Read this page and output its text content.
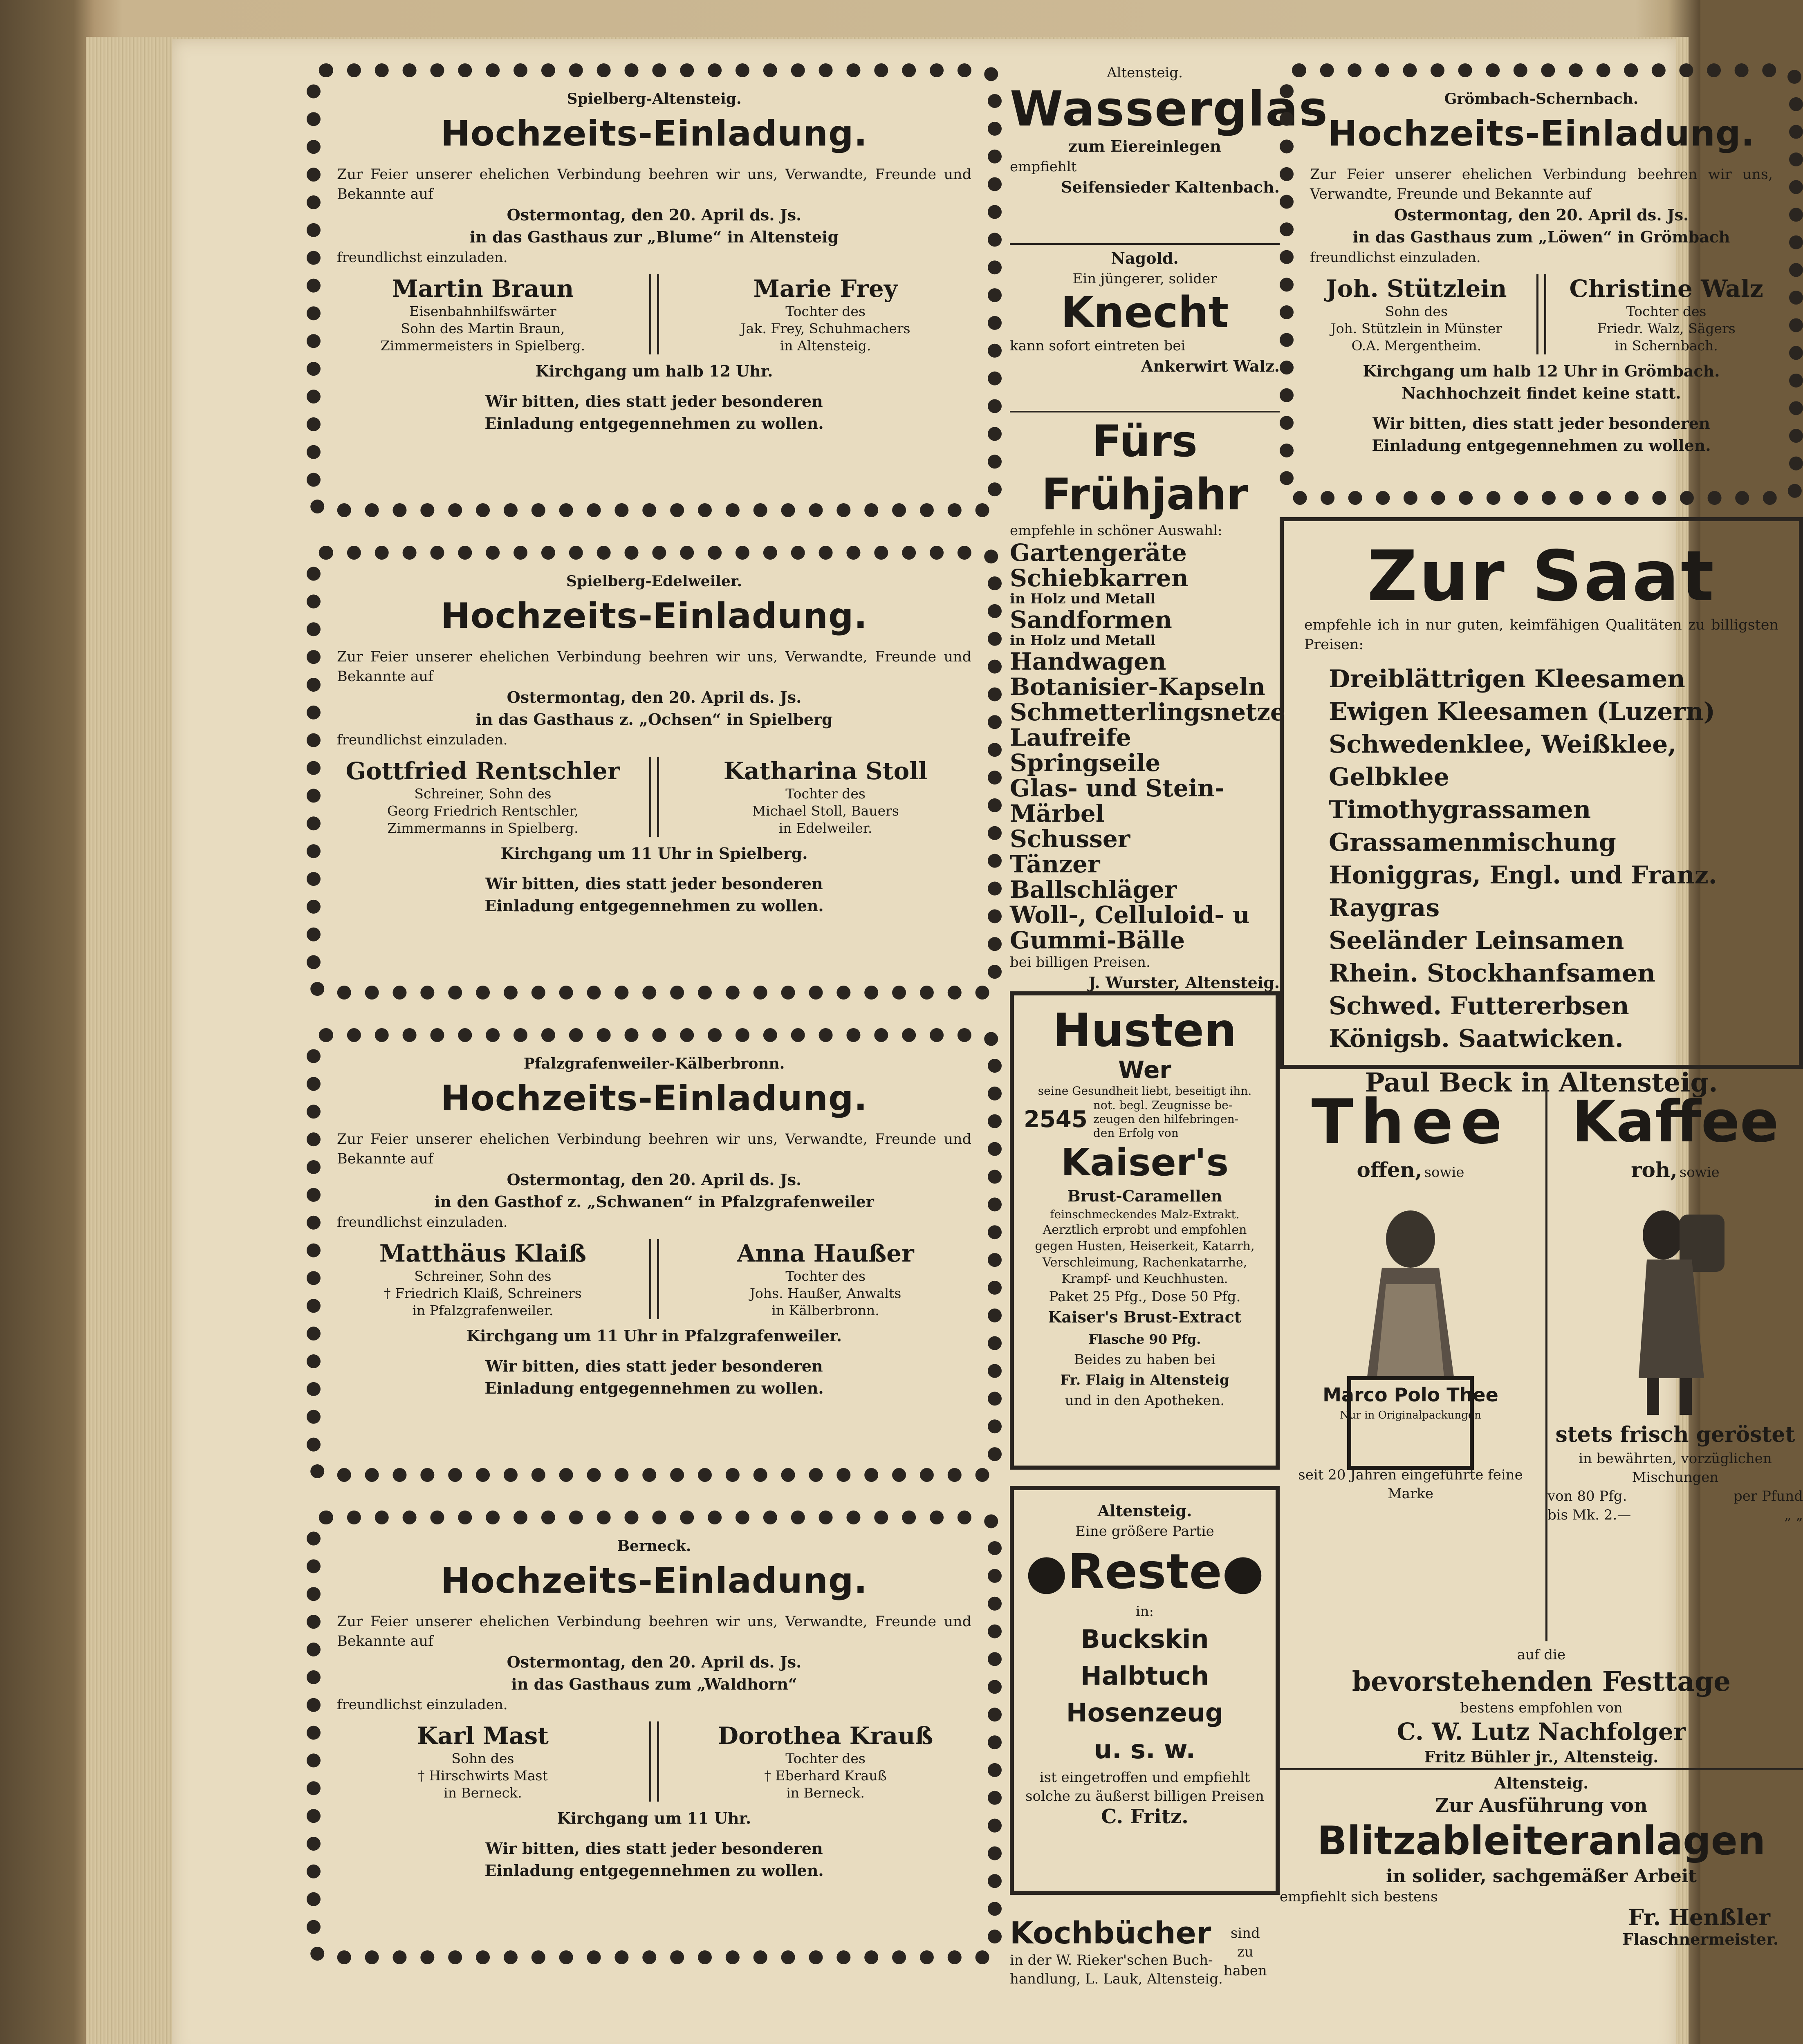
Spielberg-Altensteig.
Hochzeits-Einladung.
Zur Feier unserer ehelichen Verbindung beehren wir uns, Verwandte, Freunde und Bekannte auf
Ostermontag, den 20. April ds. Js.
in das Gasthaus zur „Blume“ in Altensteig
freundlichst einzuladen.
Martin Braun
Eisenbahnhilfswärter
Sohn des Martin Braun,
Zimmermeisters in Spielberg.
Marie Frey
Tochter des
Jak. Frey, Schuhmachers
in Altensteig.
Kirchgang um halb 12 Uhr.
Wir bitten, dies statt jeder besonderen
Einladung entgegennehmen zu wollen.
Spielberg-Edelweiler.
Hochzeits-Einladung.
Zur Feier unserer ehelichen Verbindung beehren wir uns, Verwandte, Freunde und Bekannte auf
Ostermontag, den 20. April ds. Js.
in das Gasthaus z. „Ochsen“ in Spielberg
freundlichst einzuladen.
Gottfried Rentschler
Schreiner, Sohn des
Georg Friedrich Rentschler,
Zimmermanns in Spielberg.
Katharina Stoll
Tochter des
Michael Stoll, Bauers
in Edelweiler.
Kirchgang um 11 Uhr in Spielberg.
Wir bitten, dies statt jeder besonderen
Einladung entgegennehmen zu wollen.
Pfalzgrafenweiler-Kälberbronn.
Hochzeits-Einladung.
Zur Feier unserer ehelichen Verbindung beehren wir uns, Verwandte, Freunde und Bekannte auf
Ostermontag, den 20. April ds. Js.
in den Gasthof z. „Schwanen“ in Pfalzgrafenweiler
freundlichst einzuladen.
Matthäus Klaiß
Schreiner, Sohn des
† Friedrich Klaiß, Schreiners
in Pfalzgrafenweiler.
Anna Haußer
Tochter des
Johs. Haußer, Anwalts
in Kälberbronn.
Kirchgang um 11 Uhr in Pfalzgrafenweiler.
Wir bitten, dies statt jeder besonderen
Einladung entgegennehmen zu wollen.
Berneck.
Hochzeits-Einladung.
Zur Feier unserer ehelichen Verbindung beehren wir uns, Verwandte, Freunde und Bekannte auf
Ostermontag, den 20. April ds. Js.
in das Gasthaus zum „Waldhorn“
freundlichst einzuladen.
Karl Mast
Sohn des
† Hirschwirts Mast
in Berneck.
Dorothea Krauß
Tochter des
† Eberhard Krauß
in Berneck.
Kirchgang um 11 Uhr.
Wir bitten, dies statt jeder besonderen
Einladung entgegennehmen zu wollen.
Altensteig.
Wasserglas
zum Eiereinlegen
empfiehlt
Seifensieder Kaltenbach.
Nagold.
Ein jüngerer, solider
Knecht
kann sofort eintreten bei
Ankerwirt Walz.
Fürs Frühjahr
empfehle in schöner Auswahl:
Gartengeräte
Schiebkarren
in Holz und Metall
Sandformen
in Holz und Metall
Handwagen
Botanisier-Kapseln
Schmetterlingsnetze
Laufreife
Springseile
Glas- und Stein-
Märbel
Schusser
Tänzer
Ballschläger
Woll-, Celluloid- u
Gummi-Bälle
bei billigen Preisen.
J. Wurster, Altensteig.
Husten
Wer
seine Gesundheit liebt, beseitigt ihn.
2545
not. begl. Zeugnisse be-
zeugen den hilfebringen-
den Erfolg von
Kaiser's
Brust-Caramellen
feinschmeckendes Malz-Extrakt.
Aerztlich erprobt und empfohlen gegen Husten, Heiserkeit, Katarrh, Verschleimung, Rachenkatarrhe, Krampf- und Keuchhusten.
Paket 25 Pfg., Dose 50 Pfg.
Kaiser's Brust-Extract
Flasche 90 Pfg.
Beides zu haben bei
Fr. Flaig in Altensteig
und in den Apotheken.
Altensteig.
Eine größere Partie
●Reste●
in:
Buckskin
Halbtuch
Hosenzeug
u. s. w.
ist eingetroffen und empfiehlt solche zu äußerst billigen Preisen
C. Fritz.
Kochbücher
in der W. Rieker'schen Buch-
handlung, L. Lauk, Altensteig.
sind zu haben
Grömbach-Schernbach.
Hochzeits-Einladung.
Zur Feier unserer ehelichen Verbindung beehren wir uns, Verwandte, Freunde und Bekannte auf
Ostermontag, den 20. April ds. Js.
in das Gasthaus zum „Löwen“ in Grömbach
freundlichst einzuladen.
Joh. Stützlein
Sohn des
Joh. Stützlein in Münster
O.A. Mergentheim.
Christine Walz
Tochter des
Friedr. Walz, Sägers
in Schernbach.
Kirchgang um halb 12 Uhr in Grömbach.
Nachhochzeit findet keine statt.
Wir bitten, dies statt jeder besonderen
Einladung entgegennehmen zu wollen.
Zur Saat
empfehle ich in nur guten, keimfähigen Qualitäten zu billigsten Preisen:
Dreiblättrigen Kleesamen
Ewigen Kleesamen (Luzern)
Schwedenklee, Weißklee, Gelbklee
Timothygrassamen
Grassamenmischung
Honiggras, Engl. und Franz. Raygras
Seeländer Leinsamen
Rhein. Stockhanfsamen
Schwed. Futtererbsen
Königsb. Saatwicken.
Paul Beck in Altensteig.
Thee
offen, sowie
Marco Polo Thee
Nur in Originalpackungen
seit 20 Jahren eingeführte feine Marke
Kaffee
roh, sowie
stets frisch geröstet
in bewährten, vorzüglichen
Mischungen
von 80 Pfg.	per Pfund
bis Mk. 2.—	„ „
auf die
bevorstehenden Festtage
bestens empfohlen von
C. W. Lutz Nachfolger
Fritz Bühler jr., Altensteig.
Altensteig.
Zur Ausführung von
Blitzableiteranlagen
in solider, sachgemäßer Arbeit
empfiehlt sich bestens
Fr. Henßler
Flaschnermeister.
